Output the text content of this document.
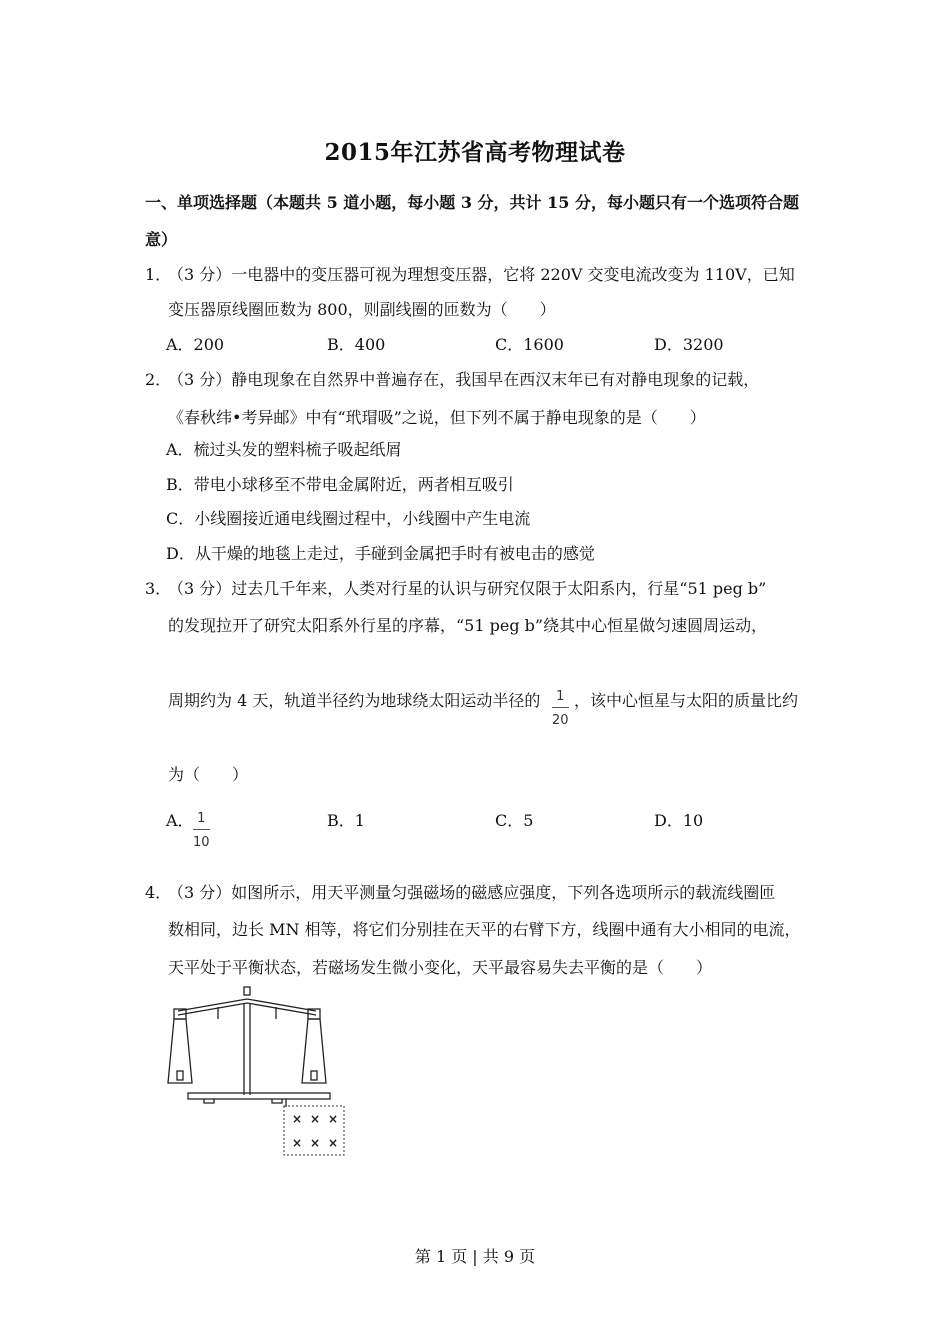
2015年江苏省高考物理试卷
一、单项选择题（本题共 5 道小题，每小题 3 分，共计 15 分，每小题只有一个选项符合题
意）
1．
（3 分）一电器中的变压器可视为理想变压器，它将 220V 交变电流改变为 110V，已知
变压器原线圈匝数为 800，则副线圈的匝数为（　　）
A．200	B．400	C．1600	D．3200
2．
（3 分）静电现象在自然界中普遍存在，我国早在西汉末年已有对静电现象的记载，
《春秋纬•考异邮》中有“玳瑁吸”之说，但下列不属于静电现象的是（　　）
A．梳过头发的塑料梳子吸起纸屑
B．带电小球移至不带电金属附近，两者相互吸引
C．小线圈接近通电线圈过程中，小线圈中产生电流
D．从干燥的地毯上走过，手碰到金属把手时有被电击的感觉
3．
（3 分）过去几千年来，人类对行星的认识与研究仅限于太阳系内，行星“51 peg b”
的发现拉开了研究太阳系外行星的序幕，“51 peg b”绕其中心恒星做匀速圆周运动，
周期约为 4 天，轨道半径约为地球绕太阳运动半径的	1
20
，该中心恒星与太阳的质量比约
为（　　）
A． 1
10
B．1	C．5	D．10
4．
（3 分）如图所示，用天平测量匀强磁场的磁感应强度，下列各选项所示的载流线圈匝
数相同，边长 MN 相等，将它们分别挂在天平的右臂下方，线圈中通有大小相同的电流，
天平处于平衡状态，若磁场发生微小变化，天平最容易失去平衡的是（　　）
× × ×
× × ×
第 1 页 | 共 9 页
